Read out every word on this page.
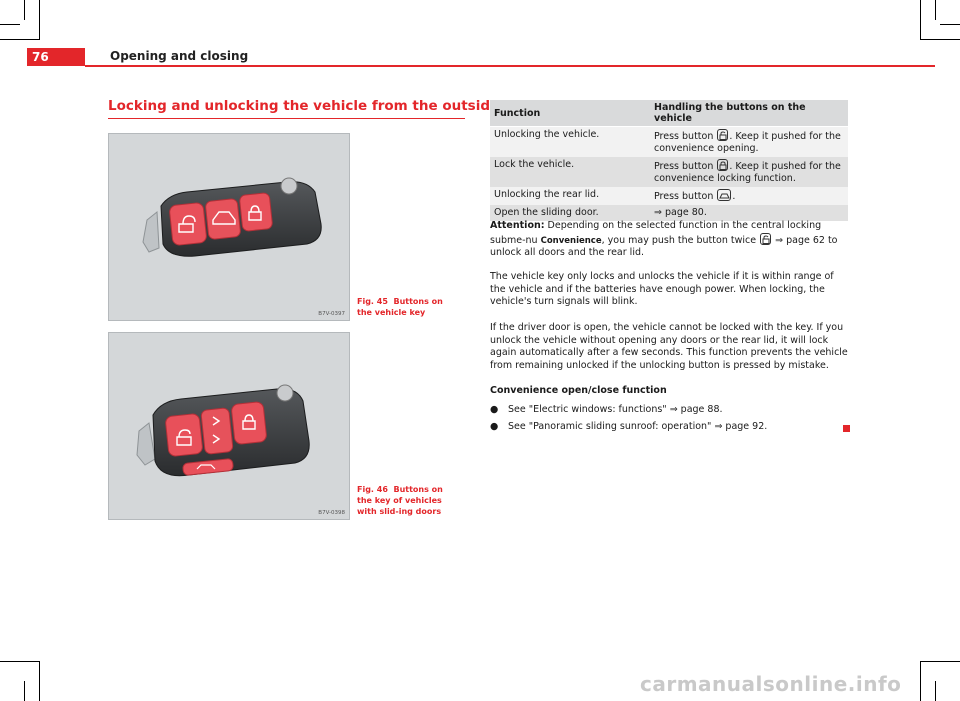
76	Opening and closing
Locking and unlocking the vehicle from the outside
B7V-0397
Fig. 45 Buttons on the vehicle key
B7V-0398
Fig. 46 Buttons on the key of vehicles with slid-ing doors
Function	Handling the buttons on the vehicle
Unlocking the vehicle.	Press button
. Keep it pushed for the convenience opening.
Lock the vehicle.	Press button
. Keep it pushed for the convenience locking function.
Unlocking the rear lid.	Press button
.
Open the sliding door.	⇒ page 80.
Attention: Depending on the selected function in the central locking subme-nu Convenience, you may push the button twice
⇒ page 62 to unlock all doors and the rear lid.
The vehicle key only locks and unlocks the vehicle if it is within range of the vehicle and if the batteries have enough power. When locking, the vehicle's turn signals will blink.
If the driver door is open, the vehicle cannot be locked with the key. If you unlock the vehicle without opening any doors or the rear lid, it will lock again automatically after a few seconds. This function prevents the vehicle from remaining unlocked if the unlocking button is pressed by mistake.
Convenience open/close function
● See "Electric windows: functions" ⇒ page 88.
● See "Panoramic sliding sunroof: operation" ⇒ page 92.
carmanualsonline.info
